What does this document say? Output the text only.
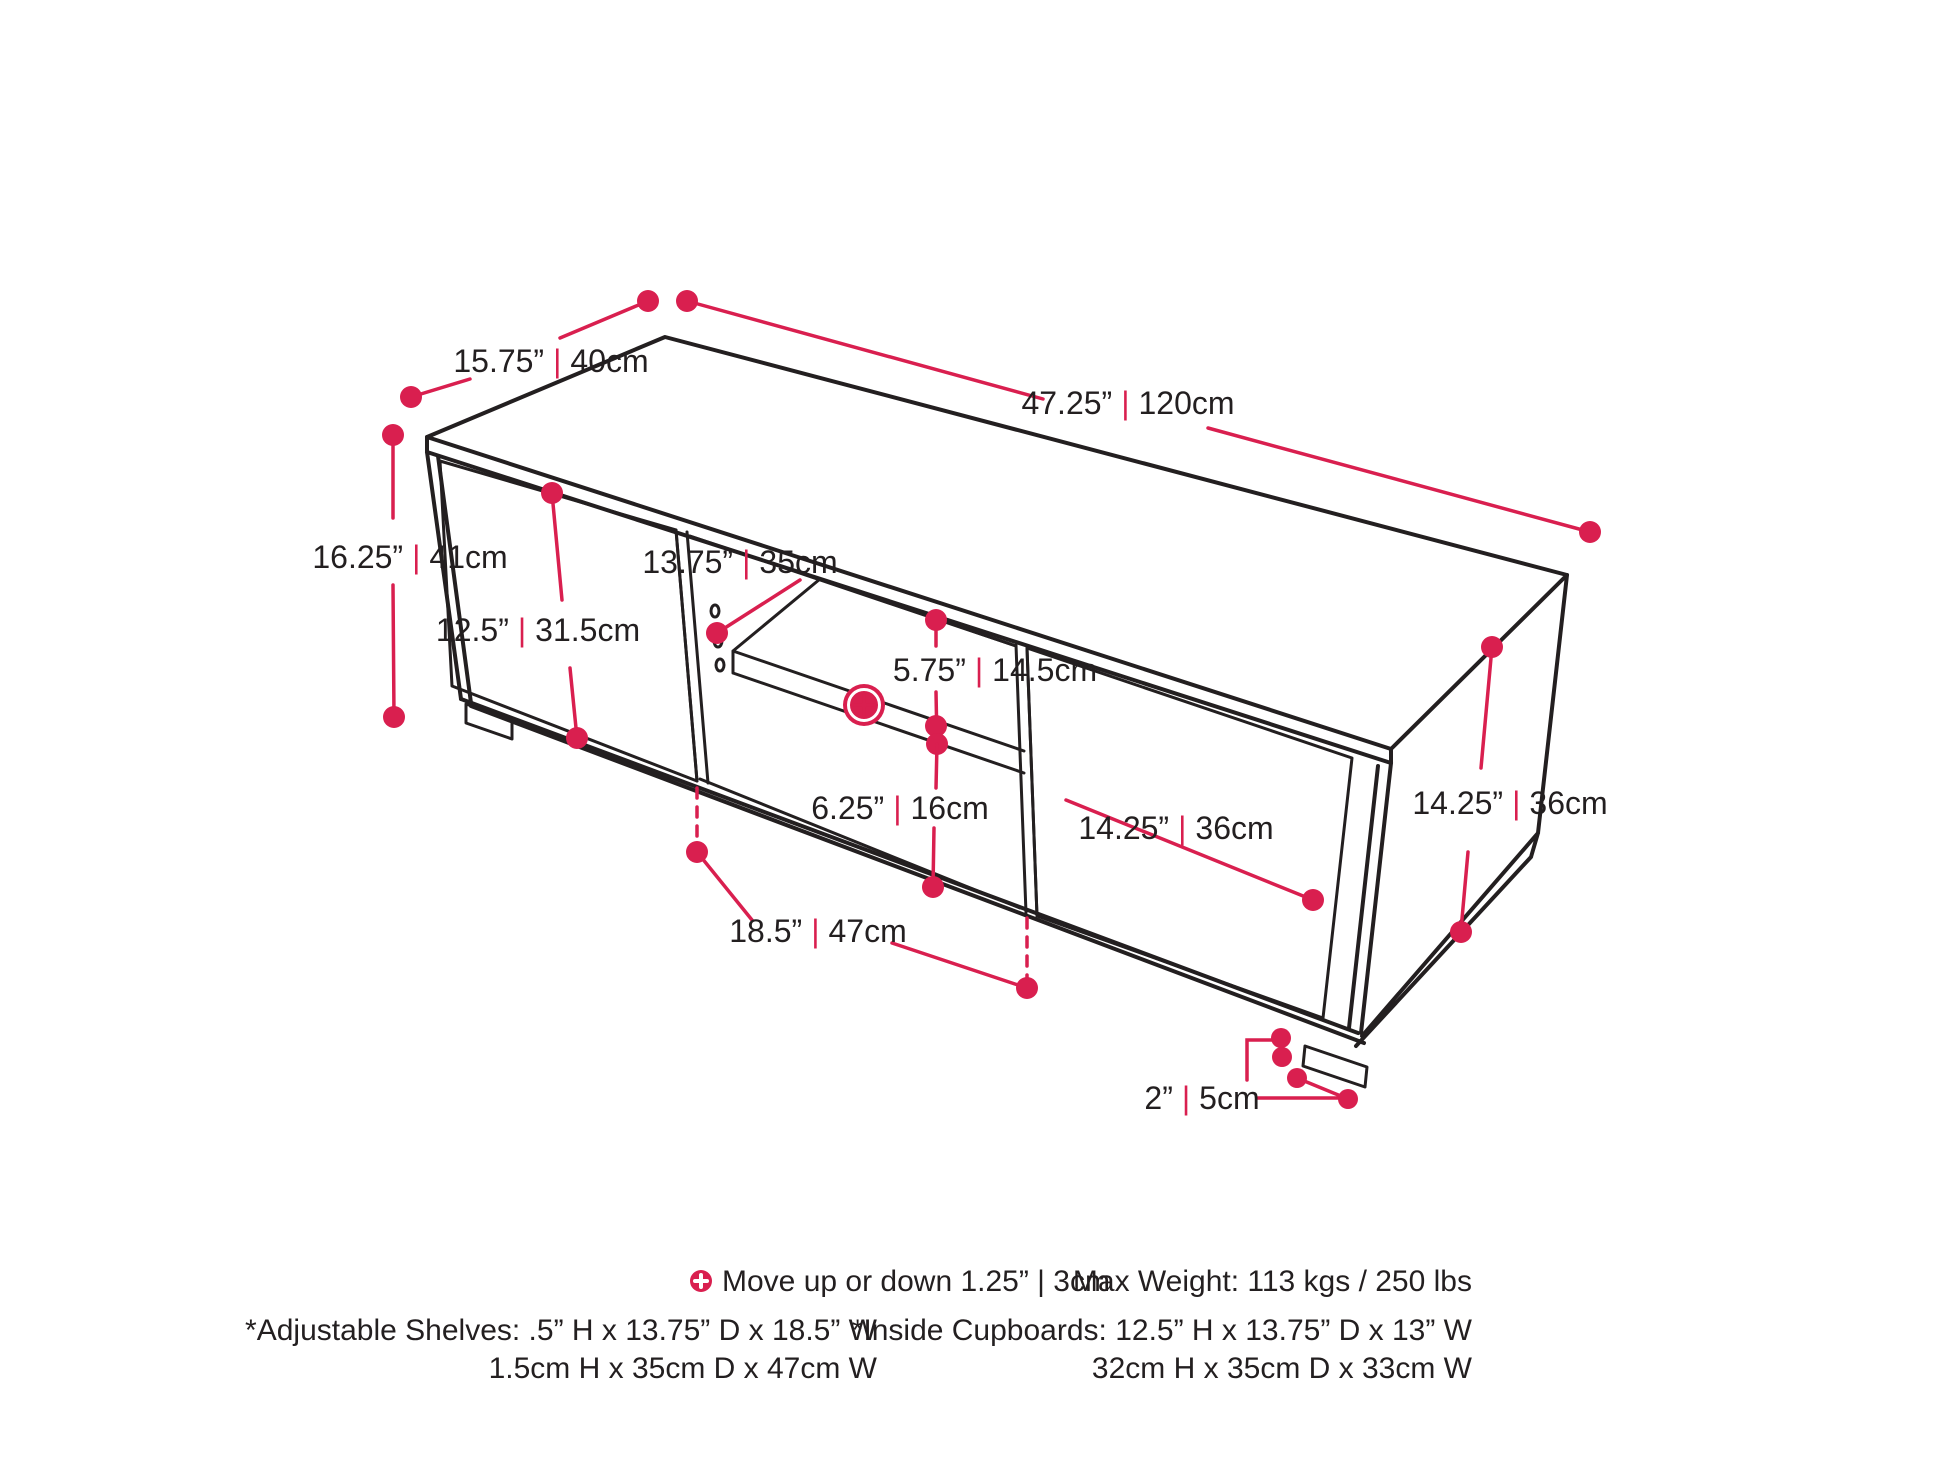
15.75” | 40cm
47.25” | 120cm
16.25” | 41cm
12.5” | 31.5cm
13.75” | 35cm
5.75” | 14.5cm
6.25” | 16cm
14.25” | 36cm
14.25” | 36cm
18.5” | 47cm
2” | 5cm
Move up or down 1.25” | 3cm
Max Weight: 113 kgs / 250 lbs
*Adjustable Shelves: .5” H x 13.75” D x 18.5” W
1.5cm H x 35cm D x 47cm W
*Inside Cupboards: 12.5” H x 13.75” D x 13” W
32cm H x 35cm D x 33cm W
